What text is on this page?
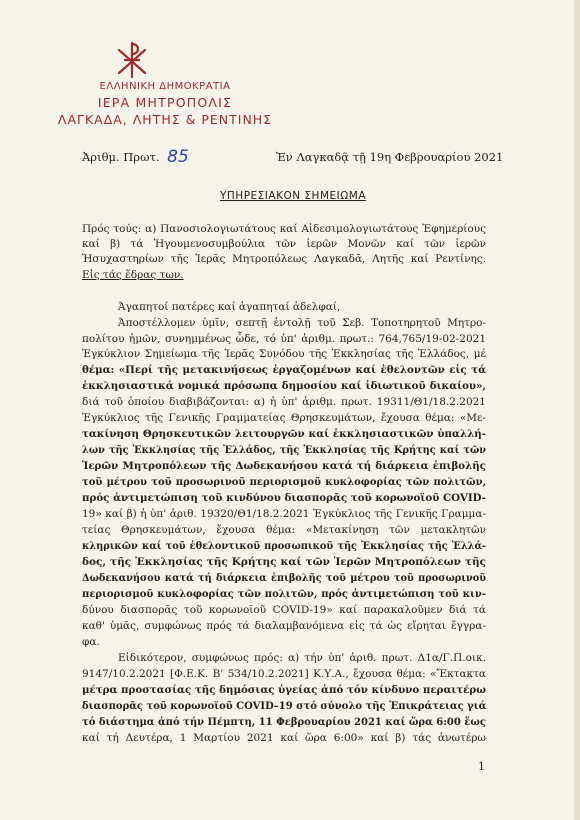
ΕΛΛΗΝΙΚΗ ΔΗΜΟΚΡΑΤΙΑ
ΙΕΡΑ ΜΗΤΡΟΠΟΛΙΣ
ΛΑΓΚΑΔΑ, ΛΗΤΗΣ & ΡΕΝΤΙΝΗΣ
Ἀριθμ. Πρωτ. 85	Ἐν Λαγκαδᾷ τῇ 19η Φεβρουαρίου 2021
ΥΠΗΡΕΣΙΑΚΟΝ ΣΗΜΕΙΩΜΑ
Πρός τούς: α) Πανοσιολογιωτάτους καί Αἰδεσιμολογιωτάτους Ἐφημερίους
καί β) τά Ἡγουμενοσυμβούλια τῶν ἱερῶν Μονῶν καί τῶν ἱερῶν
Ἡσυχαστηρίων τῆς Ἱερᾶς Μητροπόλεως Λαγκαδᾶ, Λητῆς καί Ρεντίνης.
Εἰς τάς ἕδρας των.
Ἀγαπητοί πατέρες καί ἀγαπηταί ἀδελφαί,
Ἀποστέλλομεν ὑμῖν, σεπτῇ ἐντολῇ τοῦ Σεβ. Τοποτηρητοῦ Μητρο-
πολίτου ἡμῶν, συνημμένως ὧδε, τό ὑπ' ἀριθμ. πρωτ.: 764,765/19-02-2021
Ἐγκύκλιον Σημείωμα τῆς Ἱερᾶς Συνόδου τῆς Ἐκκλησίας τῆς Ἑλλάδος, μέ
θέμα: «Περί τῆς μετακινήσεως ἐργαζομένων καί ἐθελοντῶν εἰς τά
ἐκκλησιαστικά νομικά πρόσωπα δημοσίου καί ἰδιωτικοῦ δικαίου»,
διά τοῦ ὁποίου διαβιβάζονται: α) ἡ ὑπ' ἀριθμ. πρωτ. 19311/Θ1/18.2.2021
Ἐγκύκλιος τῆς Γενικῆς Γραμματείας Θρησκευμάτων, ἔχουσα θέμα: «Με-
τακίνηση Θρησκευτικῶν λειτουργῶν καί ἐκκλησιαστικῶν ὑπαλλή-
λων τῆς Ἐκκλησίας τῆς Ἑλλάδος, τῆς Ἐκκλησίας τῆς Κρήτης καί τῶν
Ἱερῶν Μητροπόλεων τῆς Δωδεκανήσου κατά τή διάρκεια ἐπιβολῆς
τοῦ μέτρου τοῦ προσωρινοῦ περιορισμοῦ κυκλοφορίας τῶν πολιτῶν,
πρός ἀντιμετώπιση τοῦ κινδύνου διασπορᾶς τοῦ κορωνοϊοῦ COVID-
19» καί β) ἡ ὑπ' ἀριθ. 19320/Θ1/18.2.2021 Ἐγκύκλιος τῆς Γενικῆς Γραμμα-
τείας Θρησκευμάτων, ἔχουσα θέμα: «Μετακίνηση τῶν μετακλητῶν
κληρικῶν καί τοῦ ἐθελοντικοῦ προσωπικοῦ τῆς Ἐκκλησίας τῆς Ἑλλά-
δος, τῆς Ἐκκλησίας τῆς Κρήτης καί τῶν Ἱερῶν Μητροπόλεων τῆς
Δωδεκανήσου κατά τή διάρκεια ἐπιβολῆς τοῦ μέτρου τοῦ προσωρινοῦ
περιορισμοῦ κυκλοφορίας τῶν πολιτῶν, πρός ἀντιμετώπιση τοῦ κιν-
δύνου διασπορᾶς τοῦ κορωνοϊοῦ COVID-19» καί παρακαλοῦμεν διά τά
καθ' ὑμᾶς, συμφώνως πρός τά διαλαμβανόμενα εἰς τά ὡς εἴρηται ἔγγρα-
φα.
Εἰδικότερον, συμφώνως πρός: α) τήν ὑπ' ἀριθ. πρωτ. Δ1α/Γ.Π.οικ.
9147/10.2.2021 [Φ.Ε.Κ. Β' 534/10.2.2021] Κ.Υ.Α., ἔχουσα θέμα: «Ἔκτακτα
μέτρα προστασίας τῆς δημόσιας ὑγείας ἀπό τόν κίνδυνο περαιτέρω
διασπορᾶς τοῦ κορωνοϊοῦ COVID–19 στό σύνολο τῆς Ἐπικράτειας γιά
τό διάστημα ἀπό τήν Πέμπτη, 11 Φεβρουαρίου 2021 καί ὥρα 6:00 ἕως
καί τή Δευτέρα, 1 Μαρτίου 2021 καί ὥρα 6:00» καί β) τάς ἀνωτέρω
1
